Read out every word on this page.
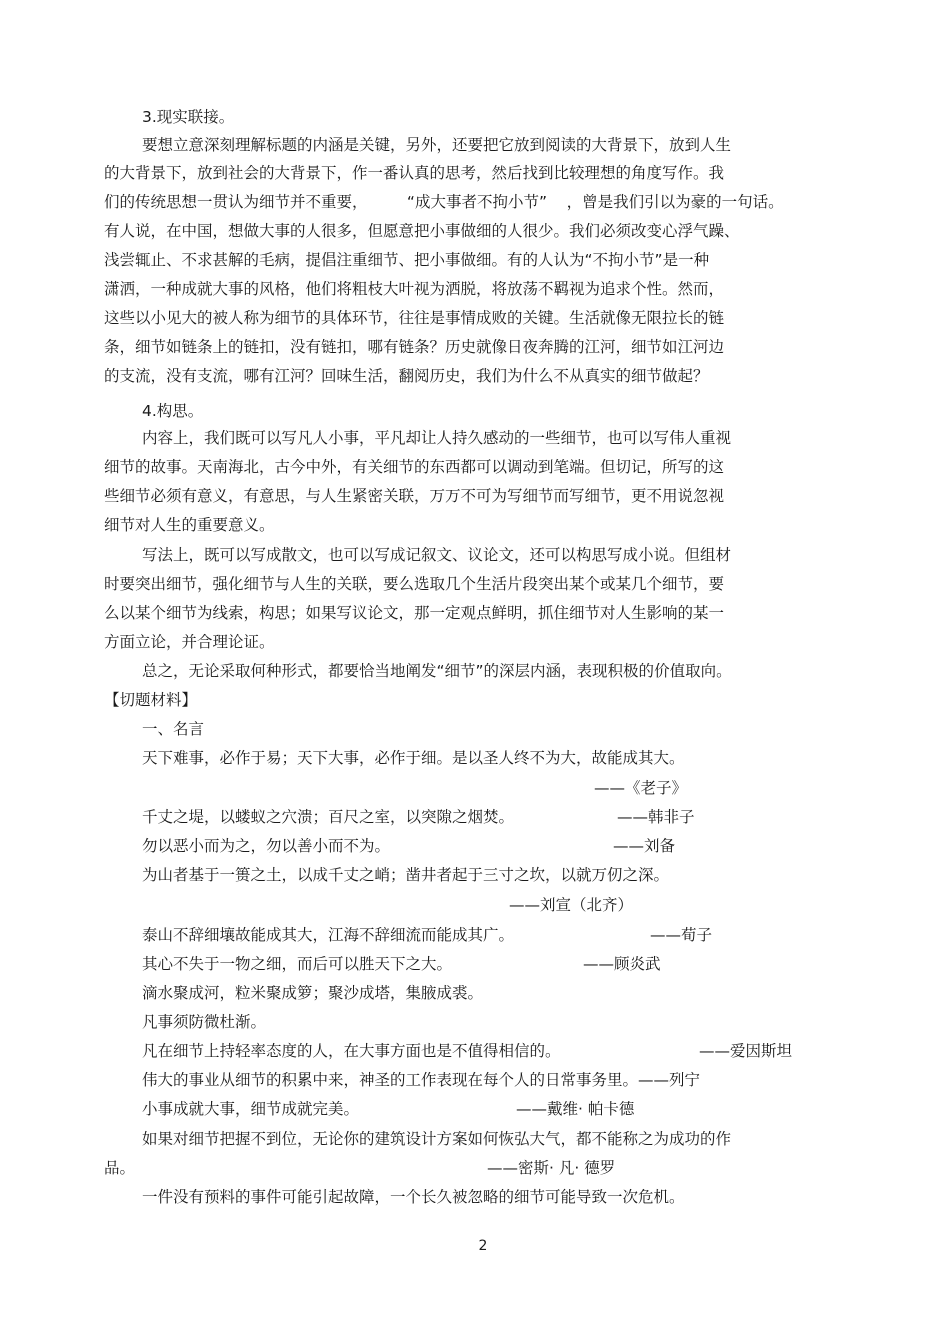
3.现实联接。

要想立意深刻理解标题的内涵是关键，另外，还要把它放到阅读的大背景下，放到人生

的大背景下，放到社会的大背景下，作一番认真的思考，然后找到比较理想的角度写作。我

们的传统思想一贯认为细节并不重要，        “成大事者不拘小节”    ，曾是我们引以为豪的一句话。

有人说，在中国，想做大事的人很多，但愿意把小事做细的人很少。我们必须改变心浮气躁、

浅尝辄止、不求甚解的毛病，提倡注重细节、把小事做细。有的人认为“不拘小节”是一种

潇洒，一种成就大事的风格，他们将粗枝大叶视为洒脱，将放荡不羁视为追求个性。然而，

这些以小见大的被人称为细节的具体环节，往往是事情成败的关键。生活就像无限拉长的链

条，细节如链条上的链扣，没有链扣，哪有链条？历史就像日夜奔腾的江河，细节如江河边

的支流，没有支流，哪有江河？回味生活，翻阅历史，我们为什么不从真实的细节做起？

4.构思。

内容上，我们既可以写凡人小事，平凡却让人持久感动的一些细节，也可以写伟人重视

细节的故事。天南海北，古今中外，有关细节的东西都可以调动到笔端。但切记，所写的这

些细节必须有意义，有意思，与人生紧密关联，万万不可为写细节而写细节，更不用说忽视

细节对人生的重要意义。

写法上，既可以写成散文，也可以写成记叙文、议论文，还可以构思写成小说。但组材

时要突出细节，强化细节与人生的关联，要么选取几个生活片段突出某个或某几个细节，要

么以某个细节为线索，构思；如果写议论文，那一定观点鲜明，抓住细节对人生影响的某一

方面立论，并合理论证。

总之，无论采取何种形式，都要恰当地阐发“细节”的深层内涵，表现积极的价值取向。

【切题材料】

一、名言

天下难事，必作于易；天下大事，必作于细。是以圣人终不为大，故能成其大。

——《老子》

千丈之堤，以蝼蚁之穴溃；百尺之室，以突隙之烟焚。	——韩非子

勿以恶小而为之，勿以善小而不为。	——刘备

为山者基于一篑之土，以成千丈之峭；凿井者起于三寸之坎，以就万仞之深。

——刘宣（北齐）

泰山不辞细壤故能成其大，江海不辞细流而能成其广。	——荀子

其心不失于一物之细，而后可以胜天下之大。	——顾炎武

滴水聚成河，粒米聚成箩；聚沙成塔，集腋成裘。

凡事须防微杜渐。

凡在细节上持轻率态度的人，在大事方面也是不值得相信的。	——爱因斯坦

伟大的事业从细节的积累中来，神圣的工作表现在每个人的日常事务里。——列宁

小事成就大事，细节成就完美。	——戴维· 帕卡德

如果对细节把握不到位，无论你的建筑设计方案如何恢弘大气，都不能称之为成功的作

品。	——密斯· 凡· 德罗

一件没有预料的事件可能引起故障，一个长久被忽略的细节可能导致一次危机。

2
